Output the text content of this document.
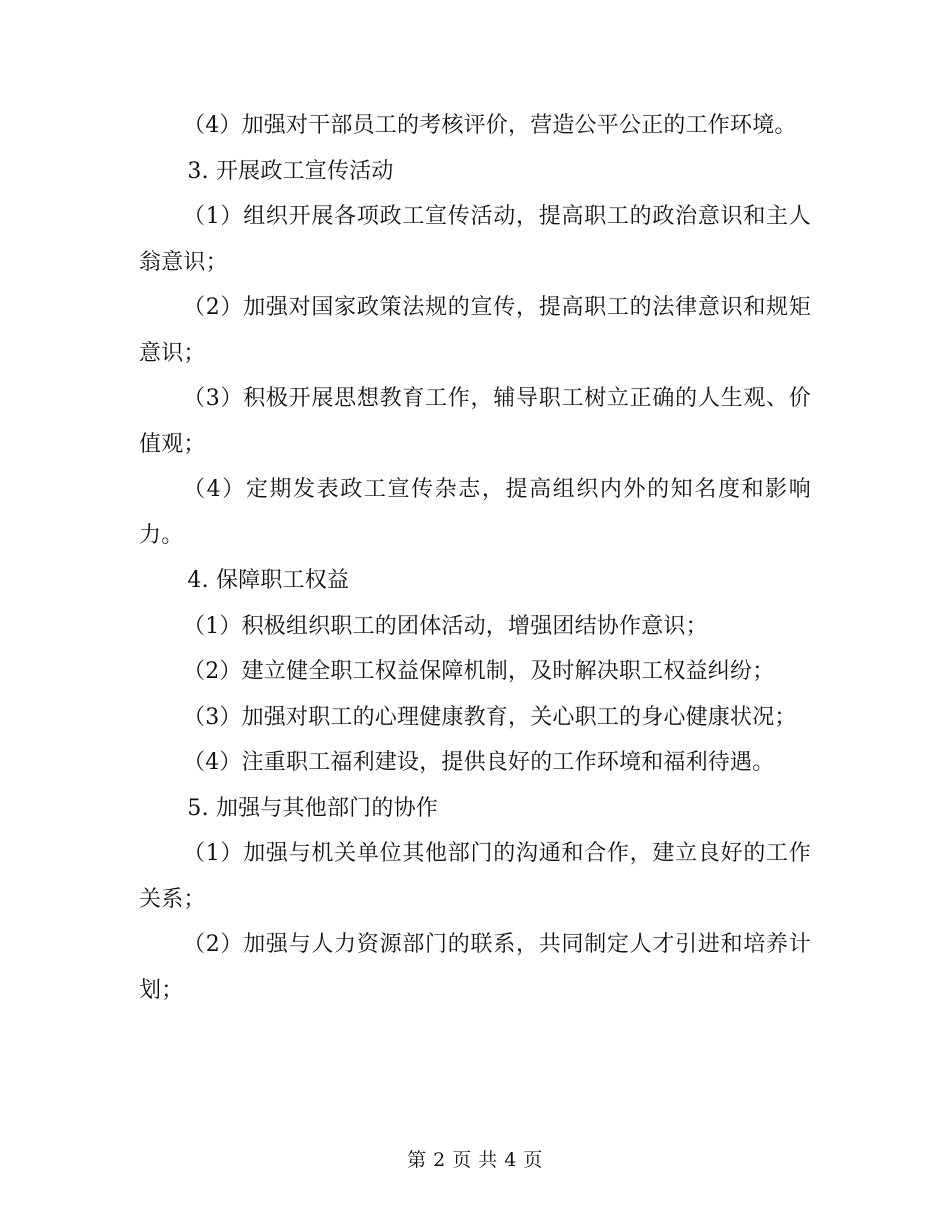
（4）加强对干部员工的考核评价，营造公平公正的工作环境。

3. 开展政工宣传活动

（1）组织开展各项政工宣传活动，提高职工的政治意识和主人翁意识；

（2）加强对国家政策法规的宣传，提高职工的法律意识和规矩意识；

（3）积极开展思想教育工作，辅导职工树立正确的人生观、价值观；

（4）定期发表政工宣传杂志，提高组织内外的知名度和影响力。

4. 保障职工权益

（1）积极组织职工的团体活动，增强团结协作意识；

（2）建立健全职工权益保障机制，及时解决职工权益纠纷；

（3）加强对职工的心理健康教育，关心职工的身心健康状况；

（4）注重职工福利建设，提供良好的工作环境和福利待遇。

5. 加强与其他部门的协作

（1）加强与机关单位其他部门的沟通和合作，建立良好的工作关系；

（2）加强与人力资源部门的联系，共同制定人才引进和培养计划；

第 2 页 共 4 页
